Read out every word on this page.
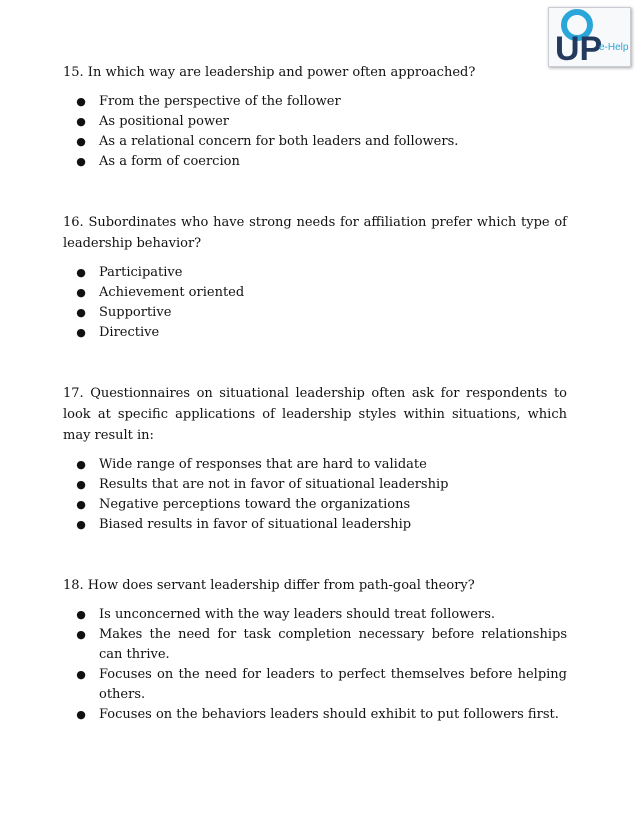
UP
e-Help

15. In which way are leadership and power often approached?

● From the perspective of the follower
● As positional power
● As a relational concern for both leaders and followers.
● As a form of coercion

16. Subordinates who have strong needs for affiliation prefer which type of leadership behavior?

● Participative
● Achievement oriented
● Supportive
● Directive

17. Questionnaires on situational leadership often ask for respondents to look at specific applications of leadership styles within situations, which may result in:

● Wide range of responses that are hard to validate
● Results that are not in favor of situational leadership
● Negative perceptions toward the organizations
● Biased results in favor of situational leadership

18. How does servant leadership differ from path-goal theory?

● Is unconcerned with the way leaders should treat followers.
● Makes the need for task completion necessary before relationships can thrive.
● Focuses on the need for leaders to perfect themselves before helping others.
● Focuses on the behaviors leaders should exhibit to put followers first.
